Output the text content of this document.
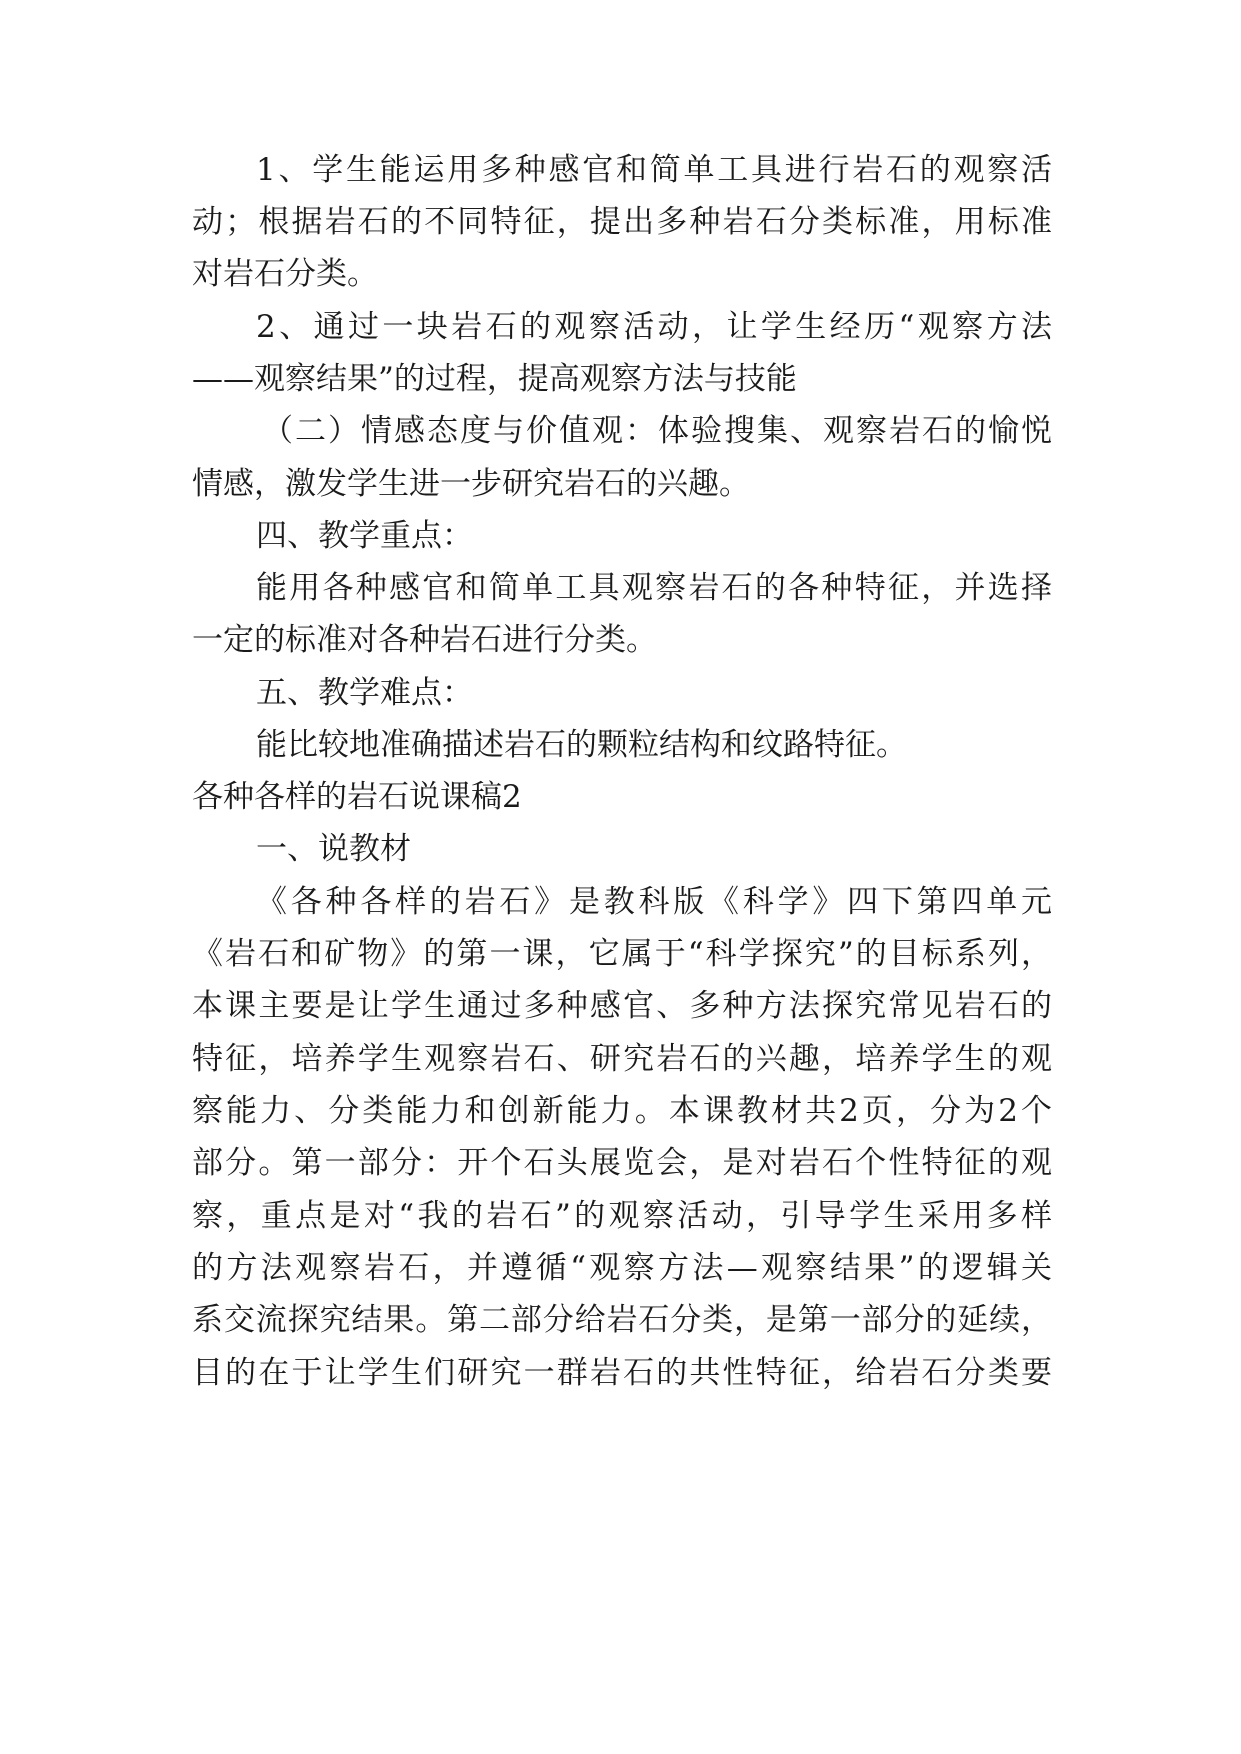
1、学生能运用多种感官和简单工具进行岩石的观察活
动；根据岩石的不同特征，提出多种岩石分类标准，用标准
对岩石分类。
2、通过一块岩石的观察活动，让学生经历“观察方法
——观察结果”的过程，提高观察方法与技能
（二）情感态度与价值观：体验搜集、观察岩石的愉悦
情感，激发学生进一步研究岩石的兴趣。
四、教学重点：
能用各种感官和简单工具观察岩石的各种特征，并选择
一定的标准对各种岩石进行分类。
五、教学难点：
能比较地准确描述岩石的颗粒结构和纹路特征。
各种各样的岩石说课稿2
一、说教材
《各种各样的岩石》是教科版《科学》四下第四单元
《岩石和矿物》的第一课，它属于“科学探究”的目标系列，
本课主要是让学生通过多种感官、多种方法探究常见岩石的
特征，培养学生观察岩石、研究岩石的兴趣，培养学生的观
察能力、分类能力和创新能力。本课教材共2页，分为2个
部分。第一部分：开个石头展览会，是对岩石个性特征的观
察，重点是对“我的岩石”的观察活动，引导学生采用多样
的方法观察岩石，并遵循“观察方法—观察结果”的逻辑关
系交流探究结果。第二部分给岩石分类，是第一部分的延续，
目的在于让学生们研究一群岩石的共性特征，给岩石分类要
